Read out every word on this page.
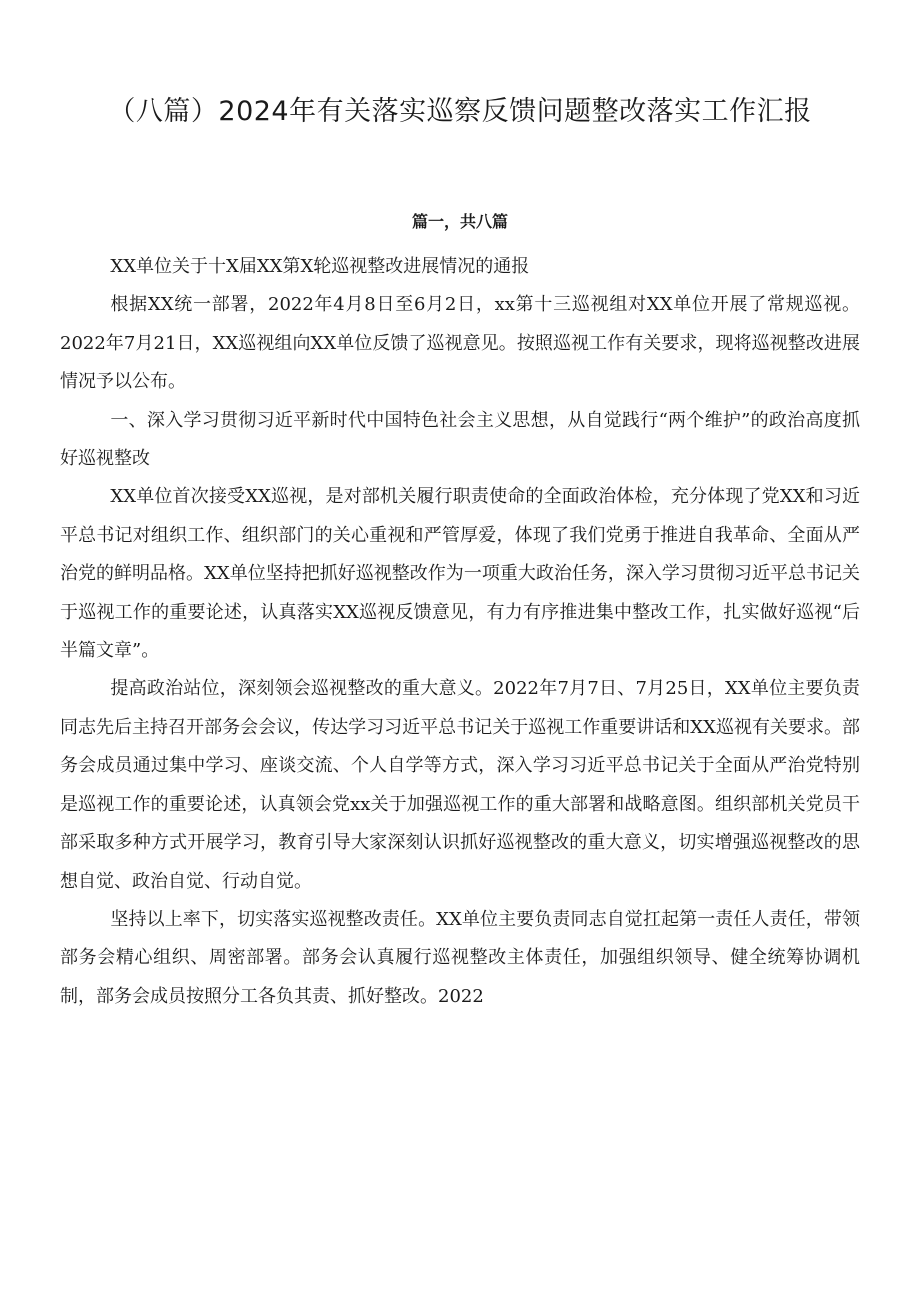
（八篇）2024年有关落实巡察反馈问题整改落实工作汇报
篇一，共八篇

XX单位关于十X届XX第X轮巡视整改进展情况的通报

根据XX统一部署，2022年4月8日至6月2日，xx第十三巡视组对XX单位开展了常规巡视。2022年7月21日，XX巡视组向XX单位反馈了巡视意见。按照巡视工作有关要求，现将巡视整改进展情况予以公布。

一、深入学习贯彻习近平新时代中国特色社会主义思想，从自觉践行“两个维护”的政治高度抓好巡视整改

XX单位首次接受XX巡视，是对部机关履行职责使命的全面政治体检，充分体现了党XX和习近平总书记对组织工作、组织部门的关心重视和严管厚爱，体现了我们党勇于推进自我革命、全面从严治党的鲜明品格。XX单位坚持把抓好巡视整改作为一项重大政治任务，深入学习贯彻习近平总书记关于巡视工作的重要论述，认真落实XX巡视反馈意见，有力有序推进集中整改工作，扎实做好巡视“后半篇文章”。

提高政治站位，深刻领会巡视整改的重大意义。2022年7月7日、7月25日，XX单位主要负责同志先后主持召开部务会会议，传达学习习近平总书记关于巡视工作重要讲话和XX巡视有关要求。部务会成员通过集中学习、座谈交流、个人自学等方式，深入学习习近平总书记关于全面从严治党特别是巡视工作的重要论述，认真领会党xx关于加强巡视工作的重大部署和战略意图。组织部机关党员干部采取多种方式开展学习，教育引导大家深刻认识抓好巡视整改的重大意义，切实增强巡视整改的思想自觉、政治自觉、行动自觉。

坚持以上率下，切实落实巡视整改责任。XX单位主要负责同志自觉扛起第一责任人责任，带领部务会精心组织、周密部署。部务会认真履行巡视整改主体责任，加强组织领导、健全统筹协调机制，部务会成员按照分工各负其责、抓好整改。2022
